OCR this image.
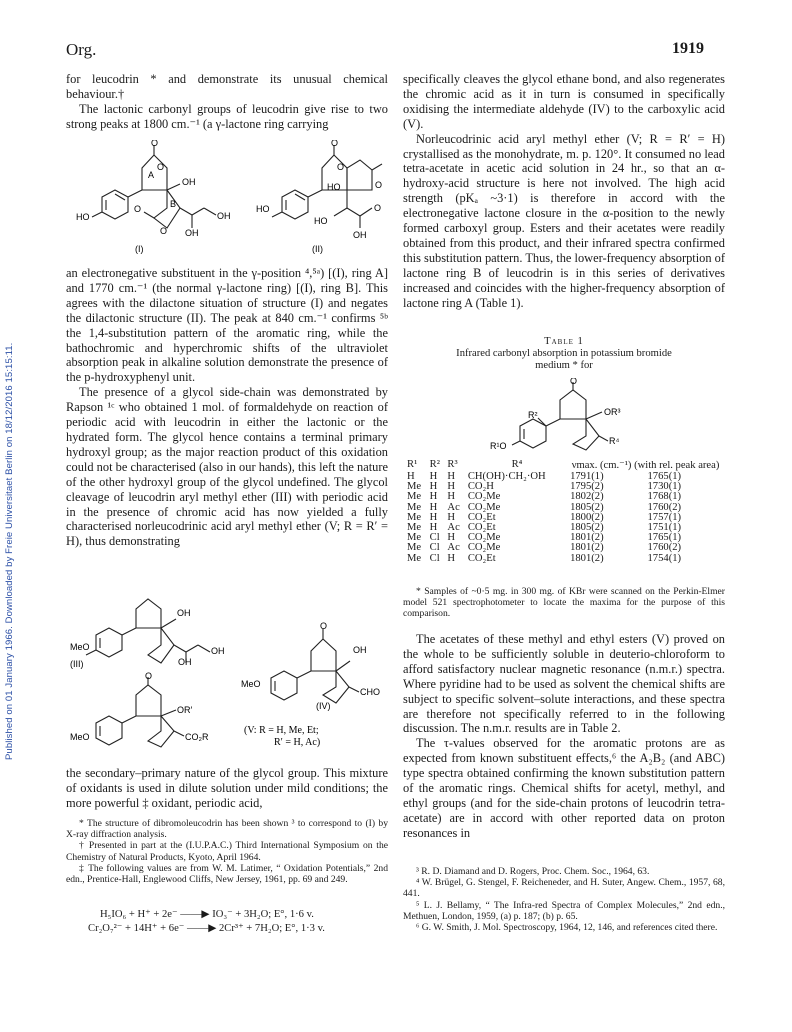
Published on 01 January 1966. Downloaded by Freie Universitaet Berlin on 18/12/2016 15:15:11.
Org.	1919

for leucodrin * and demonstrate its unusual chemical behaviour.†

The lactonic carbonyl groups of leucodrin give rise to two strong peaks at 1800 cm.⁻¹ (a γ-lactone ring carrying

O
O
A
OH
B
O
O
HO	OH
OH
(I)
O
O
HO	O
O
HO
HO
OH
(II)

an electronegative substituent in the γ-position ⁴,⁵ᵃ) [(I), ring A] and 1770 cm.⁻¹ (the normal γ-lactone ring) [(I), ring B]. This agrees with the dilactone situation of structure (I) and negates the dilactonic structure (II). The peak at 840 cm.⁻¹ confirms ⁵ᵇ the 1,4-substitution pattern of the aromatic ring, while the bathochromic and hyperchromic shifts of the ultraviolet absorption peak in alkaline solution demonstrate the presence of the p-hydroxyphenyl unit.

The presence of a glycol side-chain was demonstrated by Rapson ¹ᶜ who obtained 1 mol. of formaldehyde on reaction of periodic acid with leucodrin in either the lactonic or the hydrated form. The glycol hence contains a terminal primary hydroxyl group; as the major reaction product of this oxidation could not be characterised (also in our hands), this left the nature of the other hydroxyl group of the glycol undefined. The glycol cleavage of leucodrin aryl methyl ether (III) with periodic acid in the presence of chromic acid has now yielded a fully characterised norleucodrinic acid aryl methyl ether (V; R = R′ = H), thus demonstrating

OH
MeO	OH
OH
(III)
O
OH
MeO
CHO
(IV)
O
OR′
MeO	CO₂R
(V: R = H, Me, Et;
R′ = H, Ac)

the secondary–primary nature of the glycol group. This mixture of oxidants is used in dilute solution under mild conditions; the more powerful ‡ oxidant, periodic acid,

* The structure of dibromoleucodrin has been shown ³ to correspond to (I) by X-ray diffraction analysis.

† Presented in part at the (I.U.P.A.C.) Third International Symposium on the Chemistry of Natural Products, Kyoto, April 1964.

‡ The following values are from W. M. Latimer, “ Oxidation Potentials,” 2nd edn., Prentice-Hall, Englewood Cliffs, New Jersey, 1961, pp. 69 and 249.

H₅IO₆ + H⁺ + 2e⁻ ——▶ IO₃⁻ + 3H₂O; E°, 1·6 v.
Cr₂O₇²⁻ + 14H⁺ + 6e⁻ ——▶ 2Cr³⁺ + 7H₂O; E°, 1·3 v.

specifically cleaves the glycol ethane bond, and also regenerates the chromic acid as it in turn is consumed in specifically oxidising the intermediate aldehyde (IV) to the carboxylic acid (V).

Norleucodrinic acid aryl methyl ether (V; R = R′ = H) crystallised as the monohydrate, m. p. 120°. It consumed no lead tetra-acetate in acetic acid solution in 24 hr., so that an α-hydroxy-acid structure is here not involved. The high acid strength (pKₐ ~3·1) is therefore in accord with the electronegative lactone closure in the α-position to the newly formed carboxyl group. Esters and their acetates were readily obtained from this product, and their infrared spectra confirmed this substitution pattern. Thus, the lower-frequency absorption of lactone ring B of leucodrin is in this series of derivatives increased and coincides with the higher-frequency absorption of lactone ring A (Table 1).

Table 1

Infrared carbonyl absorption in potassium bromide medium * for

O
OR³
R²
R¹O	R⁴
R¹	R²	R³	R⁴	νmax. (cm.⁻¹) (with rel. peak area)	
H	H	H	CH(OH)·CH₂·OH	1791(1)	1765(1)
Me	H	H	CO₂H	1795(2)	1730(1)
Me	H	H	CO₂Me	1802(2)	1768(1)
Me	H	Ac	CO₂Me	1805(2)	1760(2)
Me	H	H	CO₂Et	1800(2)	1757(1)
Me	H	Ac	CO₂Et	1805(2)	1751(1)
Me	Cl	H	CO₂Me	1801(2)	1765(1)
Me	Cl	Ac	CO₂Me	1801(2)	1760(2)
Me	Cl	H	CO₂Et	1801(2)	1754(1)

* Samples of ~0·5 mg. in 300 mg. of KBr were scanned on the Perkin-Elmer model 521 spectrophotometer to locate the maxima for the purpose of this comparison.

The acetates of these methyl and ethyl esters (V) proved on the whole to be sufficiently soluble in deuterio-chloroform to afford satisfactory nuclear magnetic resonance (n.m.r.) spectra. Where pyridine had to be used as solvent the chemical shifts are subject to specific solvent–solute interactions, and these spectra are therefore not specifically referred to in the following discussion. The n.m.r. results are in Table 2.

The τ-values observed for the aromatic protons are as expected from known substituent effects,⁶ the A₂B₂ (and ABC) type spectra obtained confirming the known substitution pattern of the aromatic rings. Chemical shifts for acetyl, methyl, and ethyl groups (and for the side-chain protons of leucodrin tetra-acetate) are in accord with other reported data on proton resonances in

³ R. D. Diamand and D. Rogers, Proc. Chem. Soc., 1964, 63.

⁴ W. Brügel, G. Stengel, F. Reicheneder, and H. Suter, Angew. Chem., 1957, 68, 441.

⁵ L. J. Bellamy, “ The Infra-red Spectra of Complex Molecules,” 2nd edn., Methuen, London, 1959, (a) p. 187; (b) p. 65.

⁶ G. W. Smith, J. Mol. Spectroscopy, 1964, 12, 146, and references cited there.
